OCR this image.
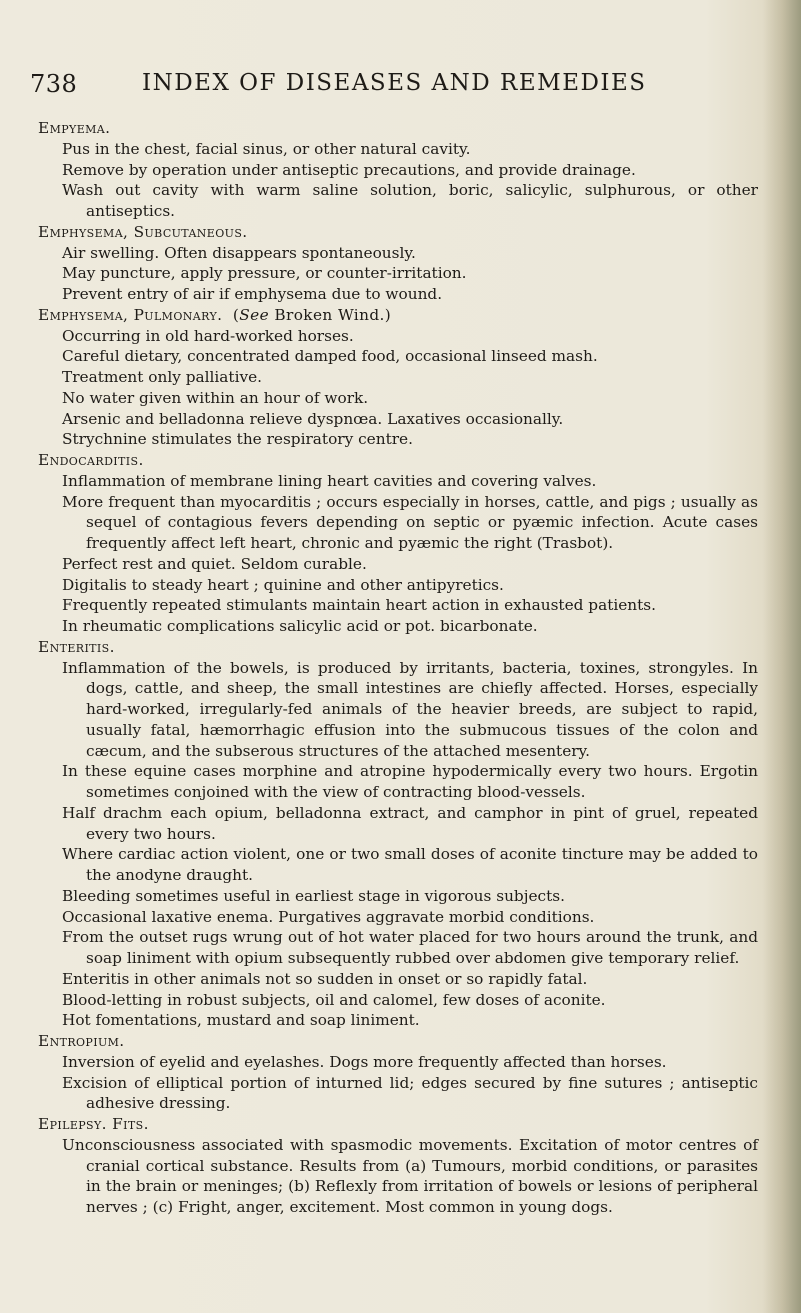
738	INDEX OF DISEASES AND REMEDIES
Empyema.
Pus in the chest, facial sinus, or other natural cavity.
Remove by operation under antiseptic precautions, and provide drainage.
Wash out cavity with warm saline solution, boric, salicylic, sulphurous, or other antiseptics.
Emphysema, Subcutaneous.
Air swelling. Often disappears spontaneously.
May puncture, apply pressure, or counter-irritation.
Prevent entry of air if emphysema due to wound.
Emphysema, Pulmonary. (See Broken Wind.)
Occurring in old hard-worked horses.
Careful dietary, concentrated damped food, occasional linseed mash.
Treatment only palliative.
No water given within an hour of work.
Arsenic and belladonna relieve dyspnœa. Laxatives occasionally.
Strychnine stimulates the respiratory centre.
Endocarditis.
Inflammation of membrane lining heart cavities and covering valves.
More frequent than myocarditis ; occurs especially in horses, cattle, and pigs ; usually as sequel of contagious fevers depending on septic or pyæmic infection. Acute cases frequently affect left heart, chronic and pyæmic the right (Trasbot).
Perfect rest and quiet. Seldom curable.
Digitalis to steady heart ; quinine and other antipyretics.
Frequently repeated stimulants maintain heart action in exhausted patients.
In rheumatic complications salicylic acid or pot. bicarbonate.
Enteritis.
Inflammation of the bowels, is produced by irritants, bacteria, toxines, strongyles. In dogs, cattle, and sheep, the small intestines are chiefly affected. Horses, especially hard-worked, irregularly-fed animals of the heavier breeds, are subject to rapid, usually fatal, hæmorrhagic effusion into the submucous tissues of the colon and cæcum, and the subserous structures of the attached mesentery.
In these equine cases morphine and atropine hypodermically every two hours. Ergotin sometimes conjoined with the view of contracting blood-vessels.
Half drachm each opium, belladonna extract, and camphor in pint of gruel, repeated every two hours.
Where cardiac action violent, one or two small doses of aconite tincture may be added to the anodyne draught.
Bleeding sometimes useful in earliest stage in vigorous subjects.
Occasional laxative enema. Purgatives aggravate morbid conditions.
From the outset rugs wrung out of hot water placed for two hours around the trunk, and soap liniment with opium subsequently rubbed over abdomen give temporary relief.
Enteritis in other animals not so sudden in onset or so rapidly fatal.
Blood-letting in robust subjects, oil and calomel, few doses of aconite.
Hot fomentations, mustard and soap liniment.
Entropium.
Inversion of eyelid and eyelashes. Dogs more frequently affected than horses.
Excision of elliptical portion of inturned lid; edges secured by fine sutures ; antiseptic adhesive dressing.
Epilepsy. Fits.
Unconsciousness associated with spasmodic movements. Excitation of motor centres of cranial cortical substance. Results from (a) Tumours, morbid conditions, or parasites in the brain or meninges; (b) Reflexly from irritation of bowels or lesions of peripheral nerves ; (c) Fright, anger, excitement. Most common in young dogs.
